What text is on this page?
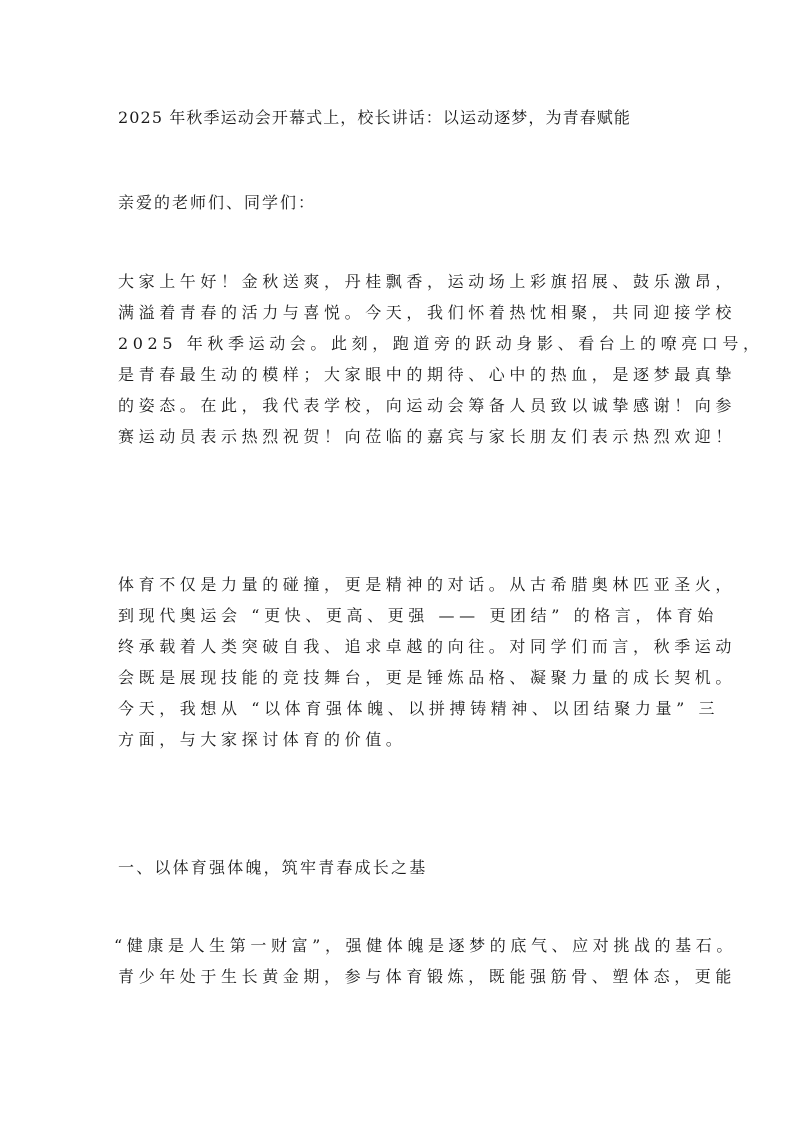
2025 年秋季运动会开幕式上，校长讲话：以运动逐梦，为青春赋能
亲爱的老师们、同学们：
大家上午好！金秋送爽，丹桂飘香，运动场上彩旗招展、鼓乐激昂，
满溢着青春的活力与喜悦。今天，我们怀着热忱相聚，共同迎接学校
2025 年秋季运动会。此刻，跑道旁的跃动身影、看台上的嘹亮口号，
是青春最生动的模样；大家眼中的期待、心中的热血，是逐梦最真挚
的姿态。在此，我代表学校，向运动会筹备人员致以诚挚感谢！向参
赛运动员表示热烈祝贺！向莅临的嘉宾与家长朋友们表示热烈欢迎！
体育不仅是力量的碰撞，更是精神的对话。从古希腊奥林匹亚圣火，
到现代奥运会 “更快、更高、更强 —— 更团结” 的格言，体育始
终承载着人类突破自我、追求卓越的向往。对同学们而言，秋季运动
会既是展现技能的竞技舞台，更是锤炼品格、凝聚力量的成长契机。
今天，我想从 “以体育强体魄、以拼搏铸精神、以团结聚力量” 三
方面，与大家探讨体育的价值。
一、以体育强体魄，筑牢青春成长之基
“健康是人生第一财富”，强健体魄是逐梦的底气、应对挑战的基石。
青少年处于生长黄金期，参与体育锻炼，既能强筋骨、塑体态，更能
